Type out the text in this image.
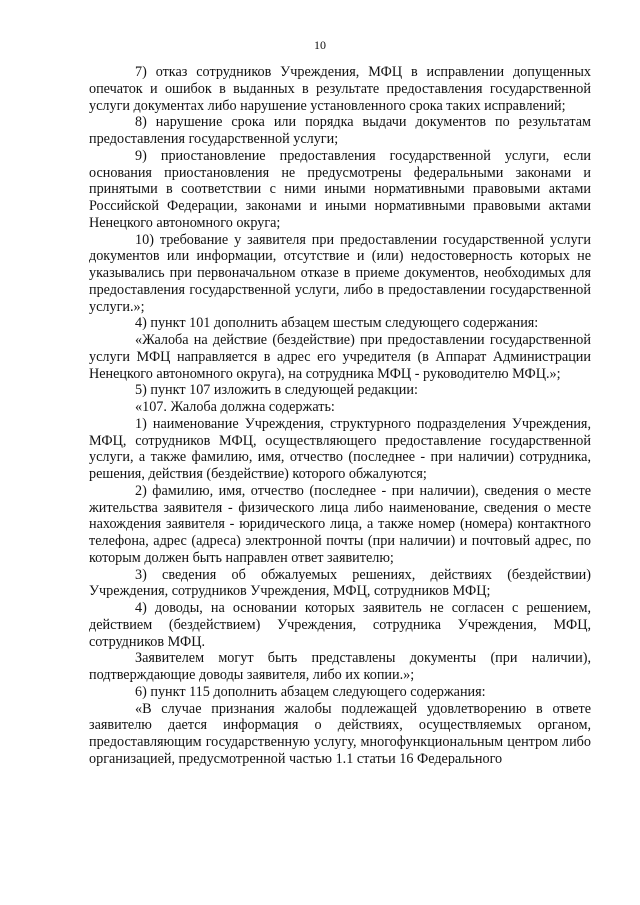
10

7) отказ сотрудников Учреждения, МФЦ в исправлении допущенных опечаток и ошибок в выданных в результате предоставления государственной услуги документах либо нарушение установленного срока таких исправлений;

8) нарушение срока или порядка выдачи документов по результатам предоставления государственной услуги;

9) приостановление предоставления государственной услуги, если основания приостановления не предусмотрены федеральными законами и принятыми в соответствии с ними иными нормативными правовыми актами Российской Федерации, законами и иными нормативными правовыми актами Ненецкого автономного округа;

10) требование у заявителя при предоставлении государственной услуги документов или информации, отсутствие и (или) недостоверность которых не указывались при первоначальном отказе в приеме документов, необходимых для предоставления государственной услуги, либо в предоставлении государственной услуги.»;

4) пункт 101 дополнить абзацем шестым следующего содержания:

«Жалоба на действие (бездействие) при предоставлении государственной услуги МФЦ направляется в адрес его учредителя (в Аппарат Администрации Ненецкого автономного округа), на сотрудника МФЦ - руководителю МФЦ.»;

5) пункт 107 изложить в следующей редакции:

«107. Жалоба должна содержать:

1) наименование Учреждения, структурного подразделения Учреждения, МФЦ, сотрудников МФЦ, осуществляющего предоставление государственной услуги, а также фамилию, имя, отчество (последнее - при наличии) сотрудника, решения, действия (бездействие) которого обжалуются;

2) фамилию, имя, отчество (последнее - при наличии), сведения о месте жительства заявителя - физического лица либо наименование, сведения о месте нахождения заявителя - юридического лица, а также номер (номера) контактного телефона, адрес (адреса) электронной почты (при наличии) и почтовый адрес, по которым должен быть направлен ответ заявителю;

3) сведения об обжалуемых решениях, действиях (бездействии) Учреждения, сотрудников Учреждения, МФЦ, сотрудников МФЦ;

4) доводы, на основании которых заявитель не согласен с решением, действием (бездействием) Учреждения, сотрудника Учреждения, МФЦ, сотрудников МФЦ.

Заявителем могут быть представлены документы (при наличии), подтверждающие доводы заявителя, либо их копии.»;

6) пункт 115 дополнить абзацем следующего содержания:

«В случае признания жалобы подлежащей удовлетворению в ответе заявителю дается информация о действиях, осуществляемых органом, предоставляющим государственную услугу, многофункциональным центром либо организацией, предусмотренной частью 1.1 статьи 16 Федерального
